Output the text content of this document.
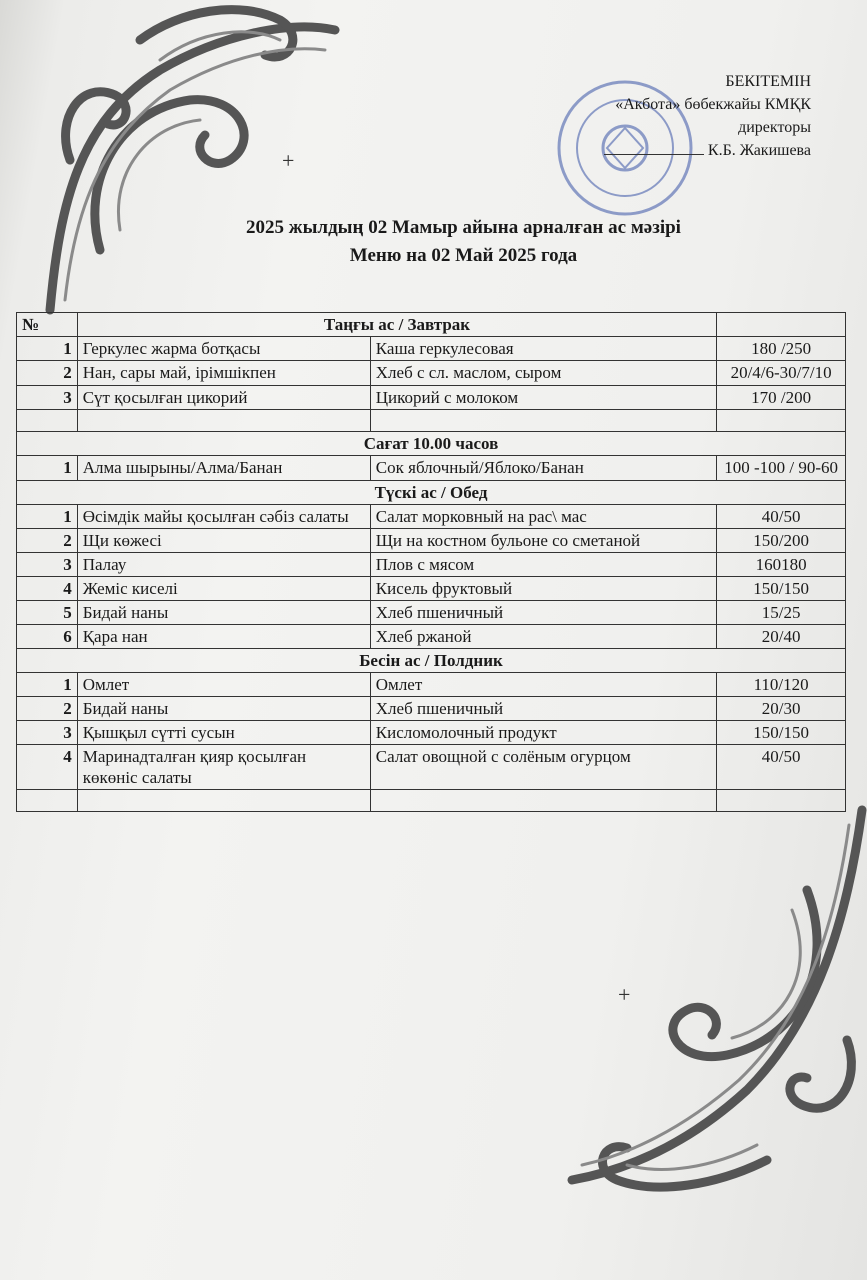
+
БЕКІТЕМІН
«Акбота» бөбекжайы КМҚК
директоры
К.Б. Жакишева
2025 жылдың 02 Мамыр айына арналған ас мәзірі
Меню на 02 Май 2025 года
№	Таңғы ас / Завтрак		
1	Геркулес жарма ботқасы	Каша геркулесовая	180 /250
2	Нан, сары май, ірімшікпен	Хлеб с сл. маслом, сыром	20/4/6-30/7/10
3	Сүт қосылған цикорий	Цикорий с молоком	170 /200

Сағат 10.00 часов			
1	Алма шырыны/Алма/Банан	Сок яблочный/Яблоко/Банан	100 -100 / 90-60
Түскі ас / Обед			
1	Өсімдік майы қосылған сәбіз салаты	Салат морковный на рас\ мас	40/50
2	Щи көжесі	Щи на костном бульоне со сметаной	150/200
3	Палау	Плов с мясом	160180
4	Жеміс киселі	Кисель фруктовый	150/150
5	Бидай наны	Хлеб пшеничный	15/25
6	Қара нан	Хлеб ржаной	20/40
Бесін ас / Полдник			
1	Омлет	Омлет	110/120
2	Бидай наны	Хлеб пшеничный	20/30
3	Қышқыл сүтті сусын	Кисломолочный продукт	150/150
4	Маринадталған қияр қосылған көкөніс салаты	Салат овощной с солёным огурцом	40/50

+
